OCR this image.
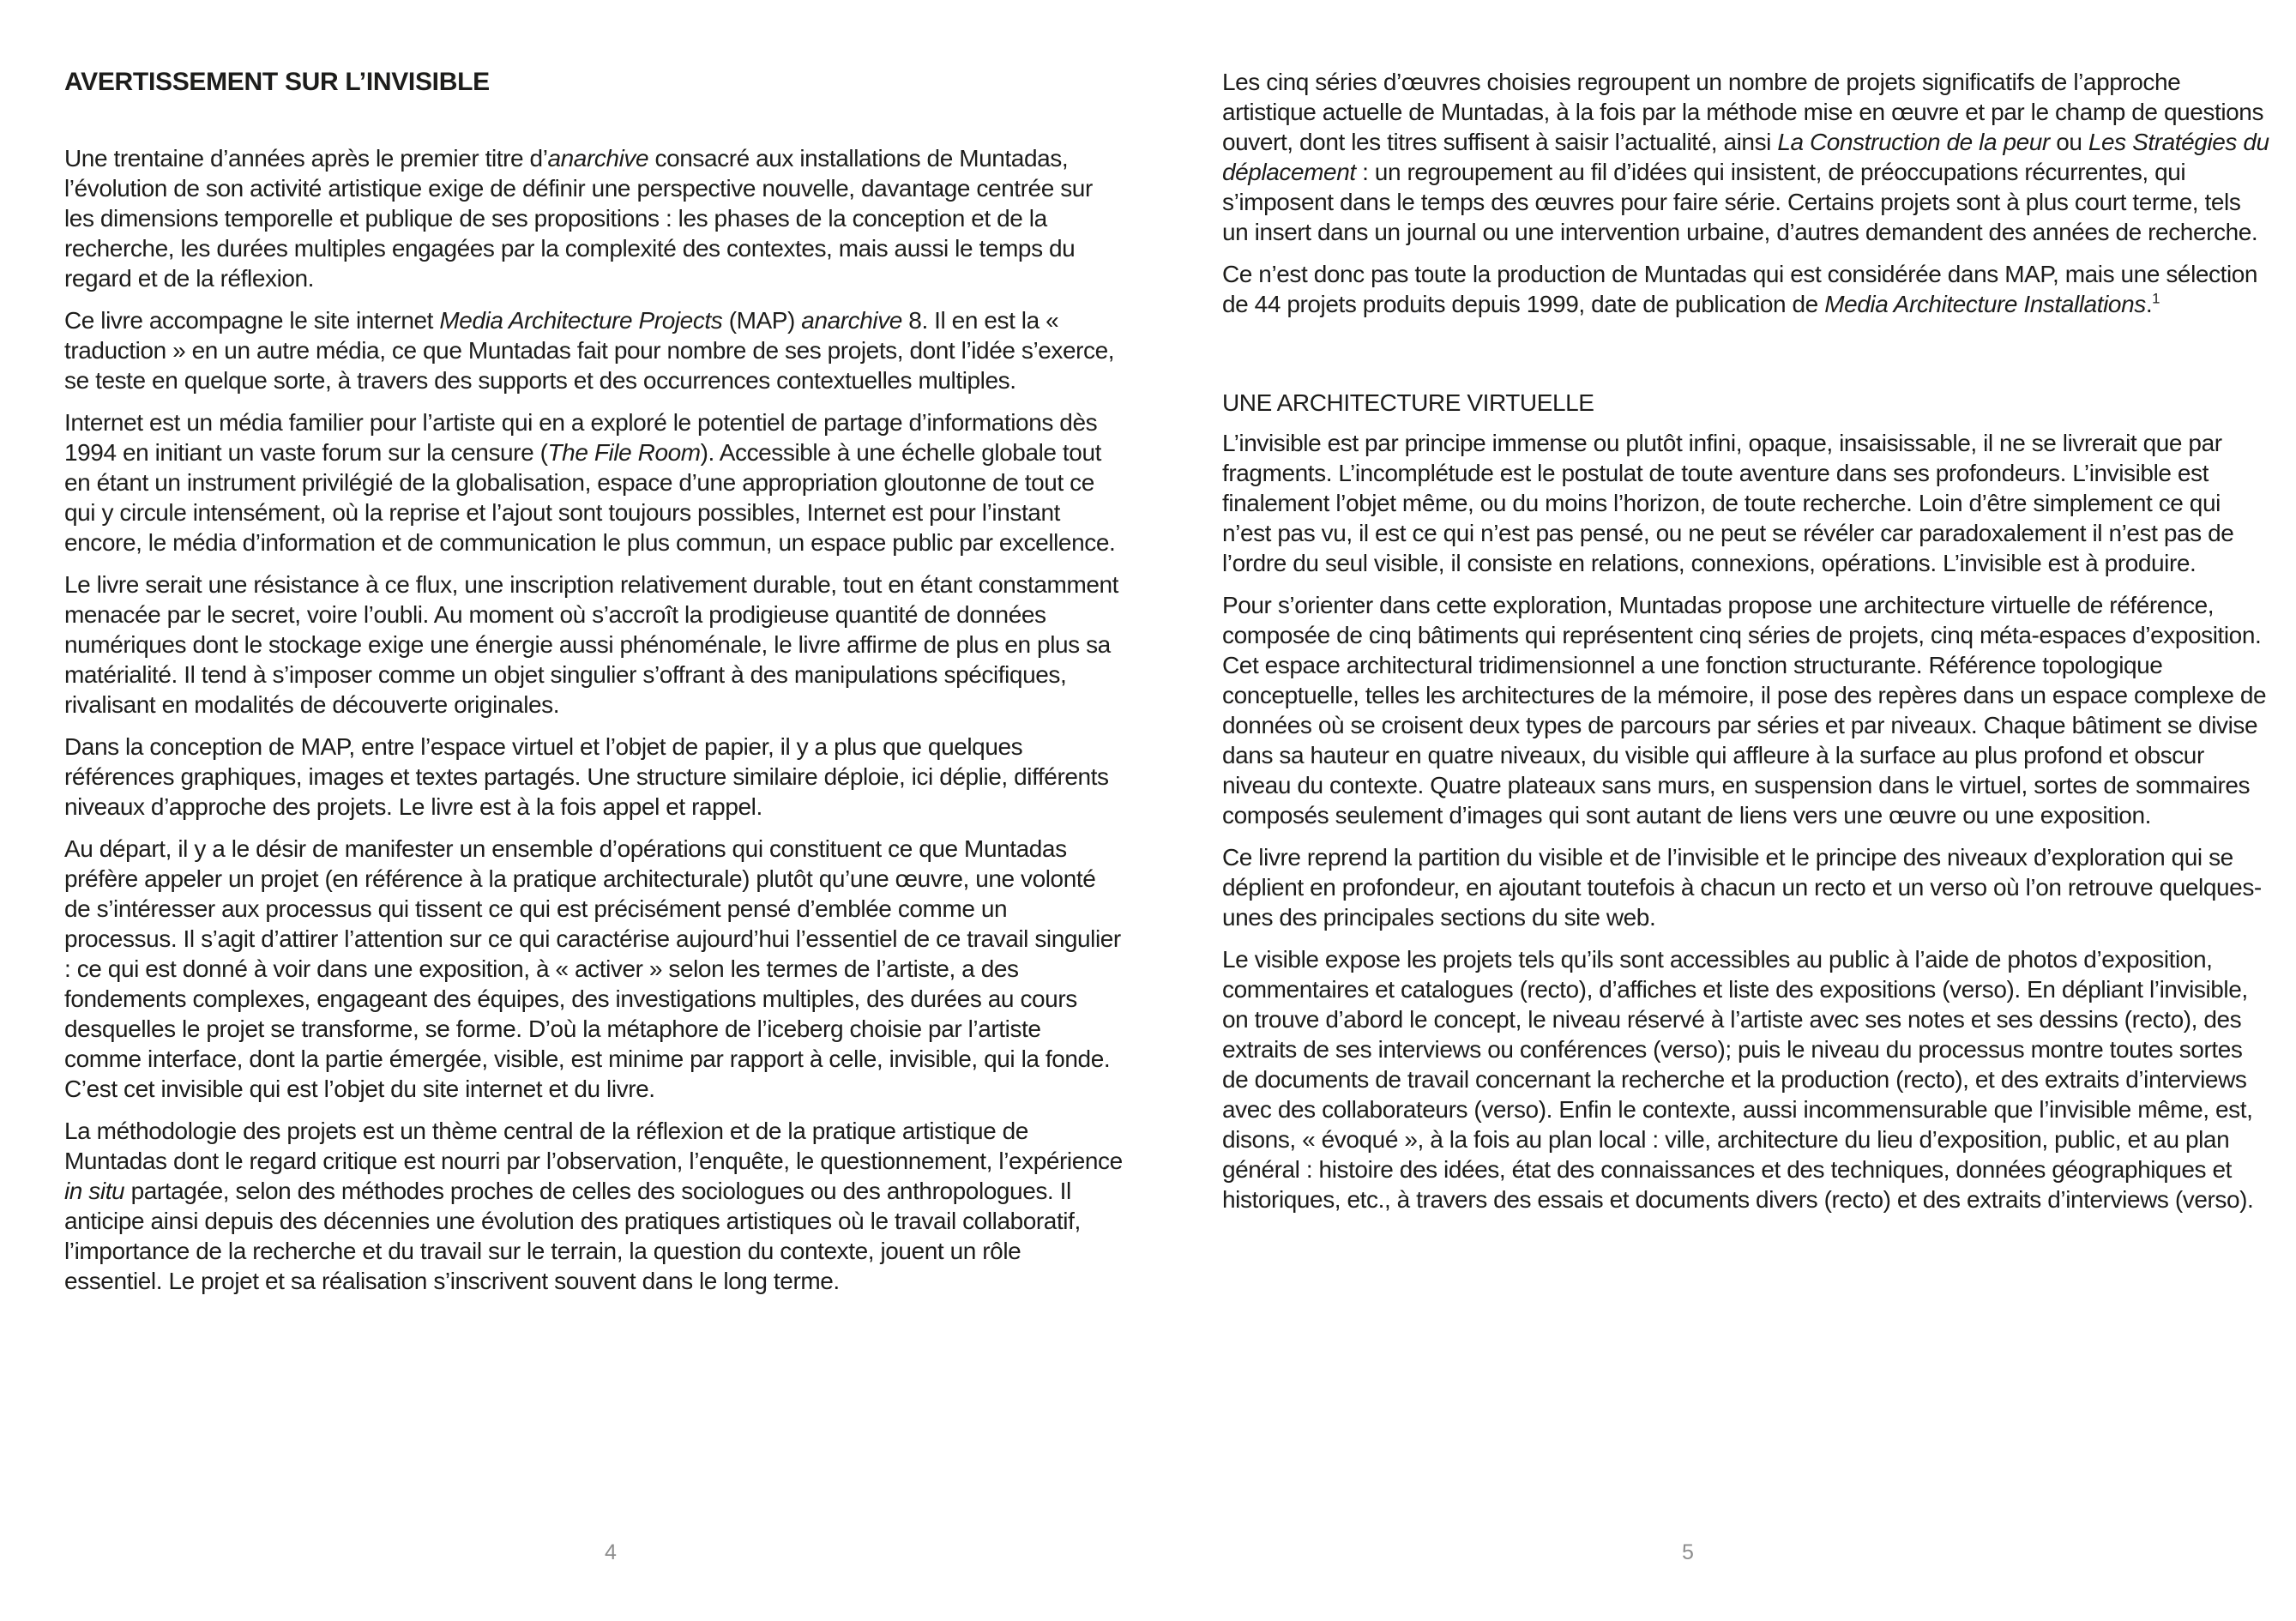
AVERTISSEMENT SUR L’INVISIBLE

Une trentaine d’années après le premier titre d’anarchive consacré aux installations de Muntadas, l’évolution de son activité artistique exige de définir une perspective nouvelle, davantage centrée sur les dimensions temporelle et publique de ses propositions : les phases de la conception et de la recherche, les durées multiples engagées par la complexité des contextes, mais aussi le temps du regard et de la réflexion.

Ce livre accompagne le site internet Media Architecture Projects (MAP) anarchive 8. Il en est la « traduction » en un autre média, ce que Muntadas fait pour nombre de ses projets, dont l’idée s’exerce, se teste en quelque sorte, à travers des supports et des occurrences contextuelles multiples.

Internet est un média familier pour l’artiste qui en a exploré le potentiel de partage d’informations dès 1994 en initiant un vaste forum sur la censure (The File Room). Accessible à une échelle globale tout en étant un instrument privilégié de la globalisation, espace d’une appropriation gloutonne de tout ce qui y circule intensément, où la reprise et l’ajout sont toujours possibles, Internet est pour l’instant encore, le média d’information et de communication le plus commun, un espace public par excellence.

Le livre serait une résistance à ce flux, une inscription relativement durable, tout en étant constamment menacée par le secret, voire l’oubli. Au moment où s’accroît la prodigieuse quantité de données numériques dont le stockage exige une énergie aussi phénoménale, le livre affirme de plus en plus sa matérialité. Il tend à s’imposer comme un objet singulier s’offrant à des manipulations spécifiques, rivalisant en modalités de découverte originales.

Dans la conception de MAP, entre l’espace virtuel et l’objet de papier, il y a plus que quelques références graphiques, images et textes partagés. Une structure similaire déploie, ici déplie, différents niveaux d’approche des projets. Le livre est à la fois appel et rappel.

Au départ, il y a le désir de manifester un ensemble d’opérations qui constituent ce que Muntadas préfère appeler un projet (en référence à la pratique architecturale) plutôt qu’une œuvre, une volonté de s’intéresser aux processus qui tissent ce qui est précisément pensé d’emblée comme un processus. Il s’agit d’attirer l’attention sur ce qui caractérise aujourd’hui l’essentiel de ce travail singulier : ce qui est donné à voir dans une exposition, à « activer » selon les termes de l’artiste, a des fondements complexes, engageant des équipes, des investigations multiples, des durées au cours desquelles le projet se transforme, se forme. D’où la métaphore de l’iceberg choisie par l’artiste comme interface, dont la partie émergée, visible, est minime par rapport à celle, invisible, qui la fonde. C’est cet invisible qui est l’objet du site internet et du livre.

La méthodologie des projets est un thème central de la réflexion et de la pratique artistique de Muntadas dont le regard critique est nourri par l’observation, l’enquête, le questionnement, l’expérience in situ partagée, selon des méthodes proches de celles des sociologues ou des anthropologues. Il anticipe ainsi depuis des décennies une évolution des pratiques artistiques où le travail collaboratif, l’importance de la recherche et du travail sur le terrain, la question du contexte, jouent un rôle essentiel. Le projet et sa réalisation s’inscrivent souvent dans le long terme.

Les cinq séries d’œuvres choisies regroupent un nombre de projets significatifs de l’approche artistique actuelle de Muntadas, à la fois par la méthode mise en œuvre et par le champ de questions ouvert, dont les titres suffisent à saisir l’actualité, ainsi La Construction de la peur ou Les Stratégies du déplacement : un regroupement au fil d’idées qui insistent, de préoccupations récurrentes, qui s’imposent dans le temps des œuvres pour faire série. Certains projets sont à plus court terme, tels un insert dans un journal ou une intervention urbaine, d’autres demandent des années de recherche.

Ce n’est donc pas toute la production de Muntadas qui est considérée dans MAP, mais une sélection de 44 projets produits depuis 1999, date de publication de Media Architecture Installations.$^1$

UNE ARCHITECTURE VIRTUELLE

L’invisible est par principe immense ou plutôt infini, opaque, insaisissable, il ne se livrerait que par fragments. L’incomplétude est le postulat de toute aventure dans ses profondeurs. L’invisible est finalement l’objet même, ou du moins l’horizon, de toute recherche. Loin d’être simplement ce qui n’est pas vu, il est ce qui n’est pas pensé, ou ne peut se révéler car paradoxalement il n’est pas de l’ordre du seul visible, il consiste en relations, connexions, opérations. L’invisible est à produire.

Pour s’orienter dans cette exploration, Muntadas propose une architecture virtuelle de référence, composée de cinq bâtiments qui représentent cinq séries de projets, cinq méta-espaces d’exposition. Cet espace architectural tridimensionnel a une fonction structurante. Référence topologique conceptuelle, telles les architectures de la mémoire, il pose des repères dans un espace complexe de données où se croisent deux types de parcours par séries et par niveaux. Chaque bâtiment se divise dans sa hauteur en quatre niveaux, du visible qui affleure à la surface au plus profond et obscur niveau du contexte. Quatre plateaux sans murs, en suspension dans le virtuel, sortes de sommaires composés seulement d’images qui sont autant de liens vers une œuvre ou une exposition.

Ce livre reprend la partition du visible et de l’invisible et le principe des niveaux d’exploration qui se déplient en profondeur, en ajoutant toutefois à chacun un recto et un verso où l’on retrouve quelques-unes des principales sections du site web.

Le visible expose les projets tels qu’ils sont accessibles au public à l’aide de photos d’exposition, commentaires et catalogues (recto), d’affiches et liste des expositions (verso). En dépliant l’invisible, on trouve d’abord le concept, le niveau réservé à l’artiste avec ses notes et ses dessins (recto), des extraits de ses interviews ou conférences (verso); puis le niveau du processus montre toutes sortes de documents de travail concernant la recherche et la production (recto), et des extraits d’interviews avec des collaborateurs (verso). Enfin le contexte, aussi incommensurable que l’invisible même, est, disons, « évoqué », à la fois au plan local : ville, architecture du lieu d’exposition, public, et au plan général : histoire des idées, état des connaissances et des techniques, données géographiques et historiques, etc., à travers des essais et documents divers (recto) et des extraits d’interviews (verso).

4	5
